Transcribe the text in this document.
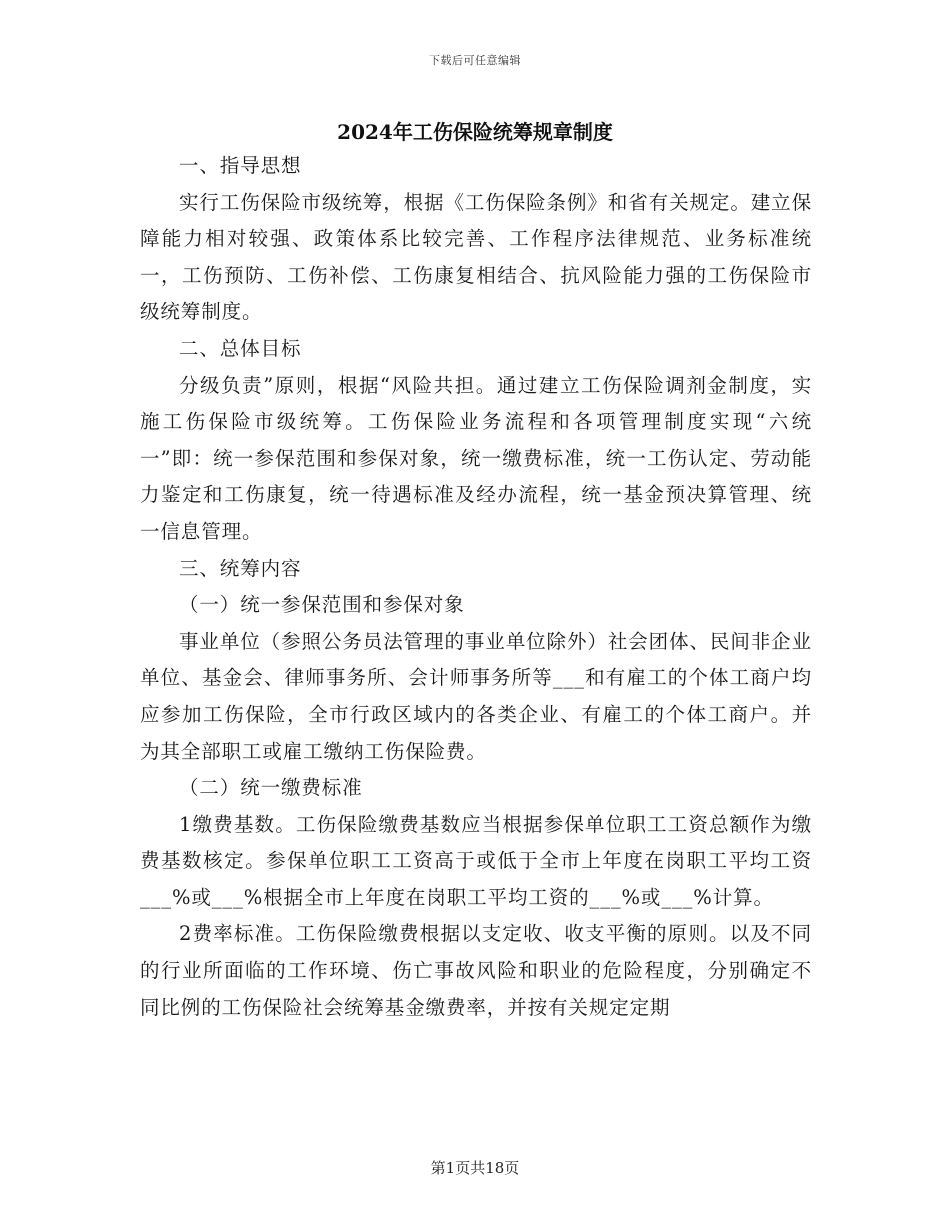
下载后可任意编辑
2024年工伤保险统筹规章制度

一、指导思想

实行工伤保险市级统筹，根据《工伤保险条例》和省有关规定。建立保障能力相对较强、政策体系比较完善、工作程序法律规范、业务标准统一，工伤预防、工伤补偿、工伤康复相结合、抗风险能力强的工伤保险市级统筹制度。

二、总体目标

分级负责”原则，根据“风险共担。通过建立工伤保险调剂金制度，实施工伤保险市级统筹。工伤保险业务流程和各项管理制度实现“六统一”即：统一参保范围和参保对象，统一缴费标准，统一工伤认定、劳动能力鉴定和工伤康复，统一待遇标准及经办流程，统一基金预决算管理、统一信息管理。

三、统筹内容

（一）统一参保范围和参保对象

事业单位（参照公务员法管理的事业单位除外）社会团体、民间非企业单位、基金会、律师事务所、会计师事务所等___和有雇工的个体工商户均应参加工伤保险，全市行政区域内的各类企业、有雇工的个体工商户。并为其全部职工或雇工缴纳工伤保险费。

（二）统一缴费标准

1缴费基数。工伤保险缴费基数应当根据参保单位职工工资总额作为缴费基数核定。参保单位职工工资高于或低于全市上年度在岗职工平均工资___%或___%根据全市上年度在岗职工平均工资的___%或___%计算。

2费率标准。工伤保险缴费根据以支定收、收支平衡的原则。以及不同的行业所面临的工作环境、伤亡事故风险和职业的危险程度，分别确定不同比例的工伤保险社会统筹基金缴费率，并按有关规定定期

第1页共18页
